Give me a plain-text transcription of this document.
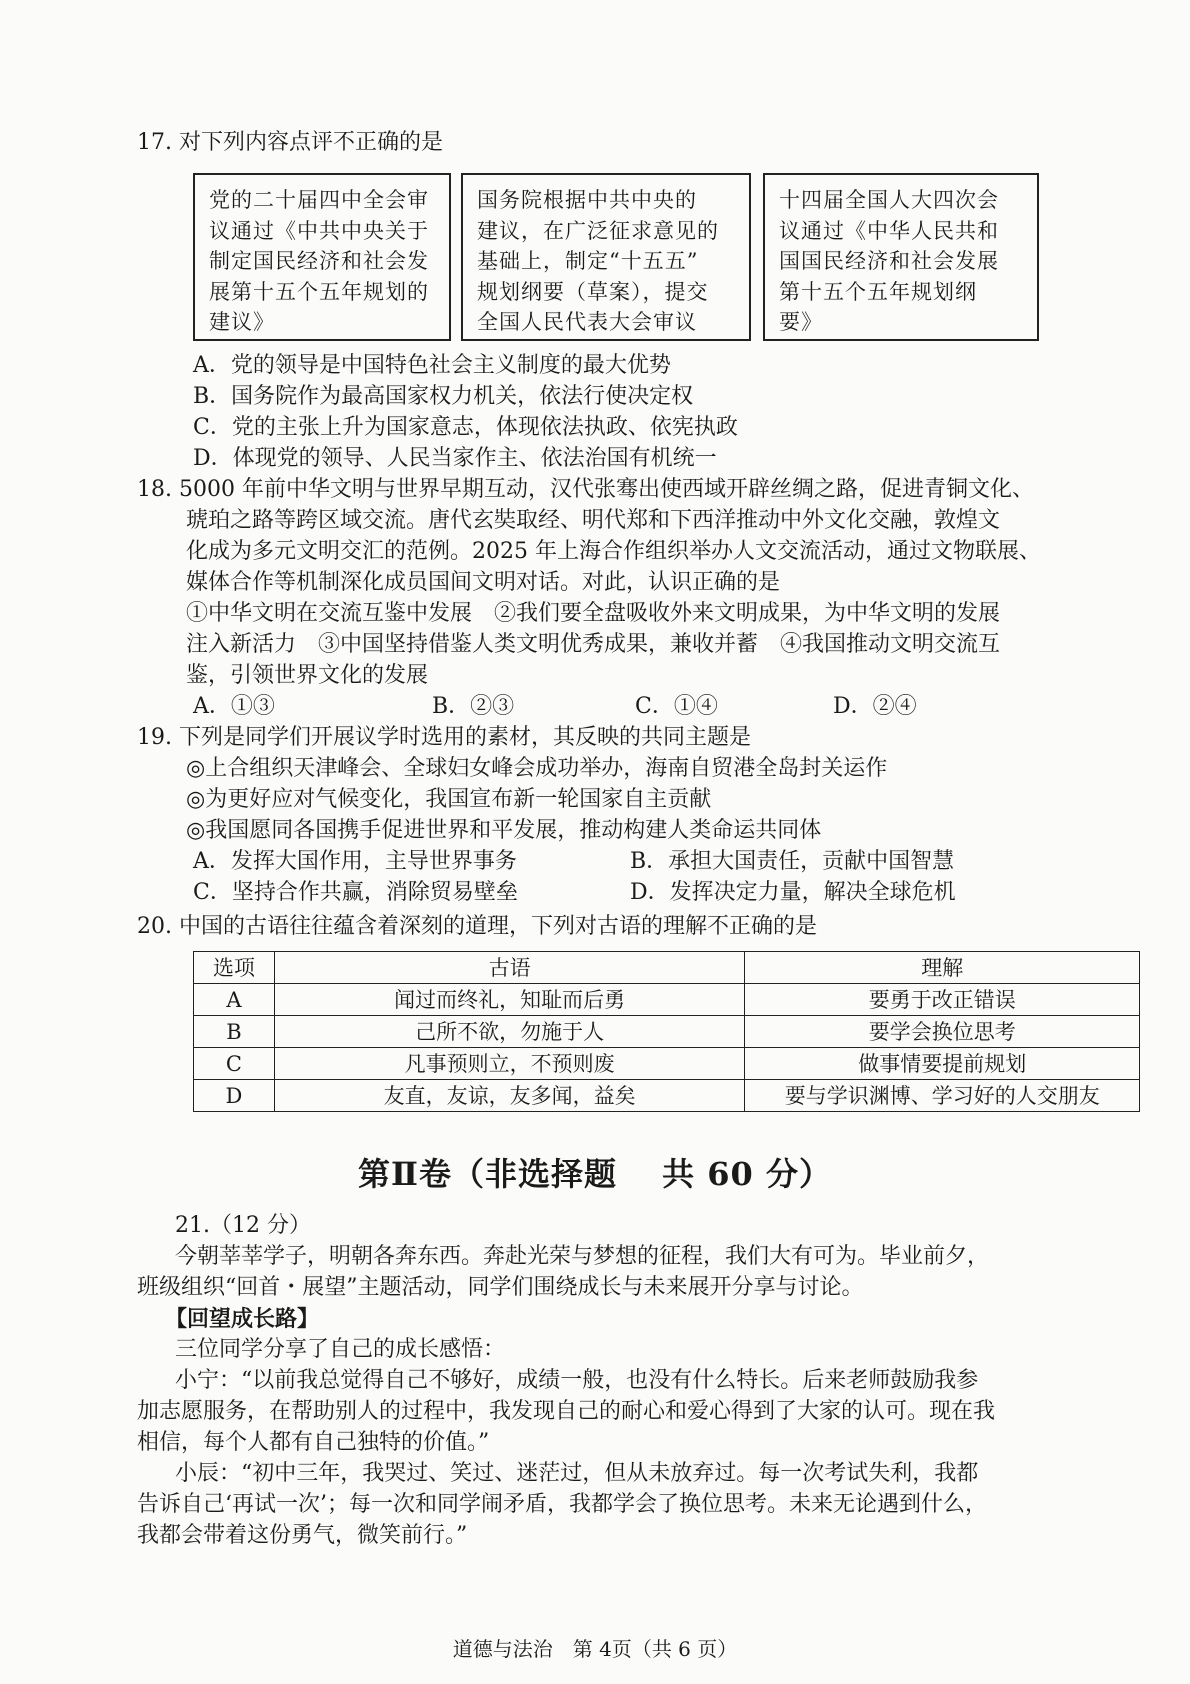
17. 对下列内容点评不正确的是
党的二十届四中全会审
议通过《中共中央关于
制定国民经济和社会发
展第十五个五年规划的
建议》
国务院根据中共中央的
建议，在广泛征求意见的
基础上，制定“十五五”
规划纲要（草案），提交
全国人民代表大会审议
十四届全国人大四次会
议通过《中华人民共和
国国民经济和社会发展
第十五个五年规划纲
要》
A．党的领导是中国特色社会主义制度的最大优势
B．国务院作为最高国家权力机关，依法行使决定权
C．党的主张上升为国家意志，体现依法执政、依宪执政
D．体现党的领导、人民当家作主、依法治国有机统一
18. 5000 年前中华文明与世界早期互动，汉代张骞出使西域开辟丝绸之路，促进青铜文化、
琥珀之路等跨区域交流。唐代玄奘取经、明代郑和下西洋推动中外文化交融，敦煌文
化成为多元文明交汇的范例。2025 年上海合作组织举办人文交流活动，通过文物联展、
媒体合作等机制深化成员国间文明对话。对此，认识正确的是
①中华文明在交流互鉴中发展　②我们要全盘吸收外来文明成果，为中华文明的发展
注入新活力　③中国坚持借鉴人类文明优秀成果，兼收并蓄　④我国推动文明交流互
鉴，引领世界文化的发展
A．①③	B．②③	C．①④	D．②④
19. 下列是同学们开展议学时选用的素材，其反映的共同主题是
◎上合组织天津峰会、全球妇女峰会成功举办，海南自贸港全岛封关运作
◎为更好应对气候变化，我国宣布新一轮国家自主贡献
◎我国愿同各国携手促进世界和平发展，推动构建人类命运共同体
A．发挥大国作用，主导世界事务	B．承担大国责任，贡献中国智慧
C．坚持合作共赢，消除贸易壁垒	D．发挥决定力量，解决全球危机
20. 中国的古语往往蕴含着深刻的道理，下列对古语的理解不正确的是
选项	古语	理解
A	闻过而终礼，知耻而后勇	要勇于改正错误
B	己所不欲，勿施于人	要学会换位思考
C	凡事预则立，不预则废	做事情要提前规划
D	友直，友谅，友多闻，益矣	要与学识渊博、学习好的人交朋友
第Ⅱ卷（非选择题　 共 60 分）
21.（12 分）
今朝莘莘学子，明朝各奔东西。奔赴光荣与梦想的征程，我们大有可为。毕业前夕，
班级组织“回首・展望”主题活动，同学们围绕成长与未来展开分享与讨论。
【回望成长路】
三位同学分享了自己的成长感悟：
小宁：“以前我总觉得自己不够好，成绩一般，也没有什么特长。后来老师鼓励我参
加志愿服务，在帮助别人的过程中，我发现自己的耐心和爱心得到了大家的认可。现在我
相信，每个人都有自己独特的价值。”
小辰：“初中三年，我哭过、笑过、迷茫过，但从未放弃过。每一次考试失利，我都
告诉自己‘再试一次’；每一次和同学闹矛盾，我都学会了换位思考。未来无论遇到什么，
我都会带着这份勇气，微笑前行。”
道德与法治　第 4页（共 6 页）
